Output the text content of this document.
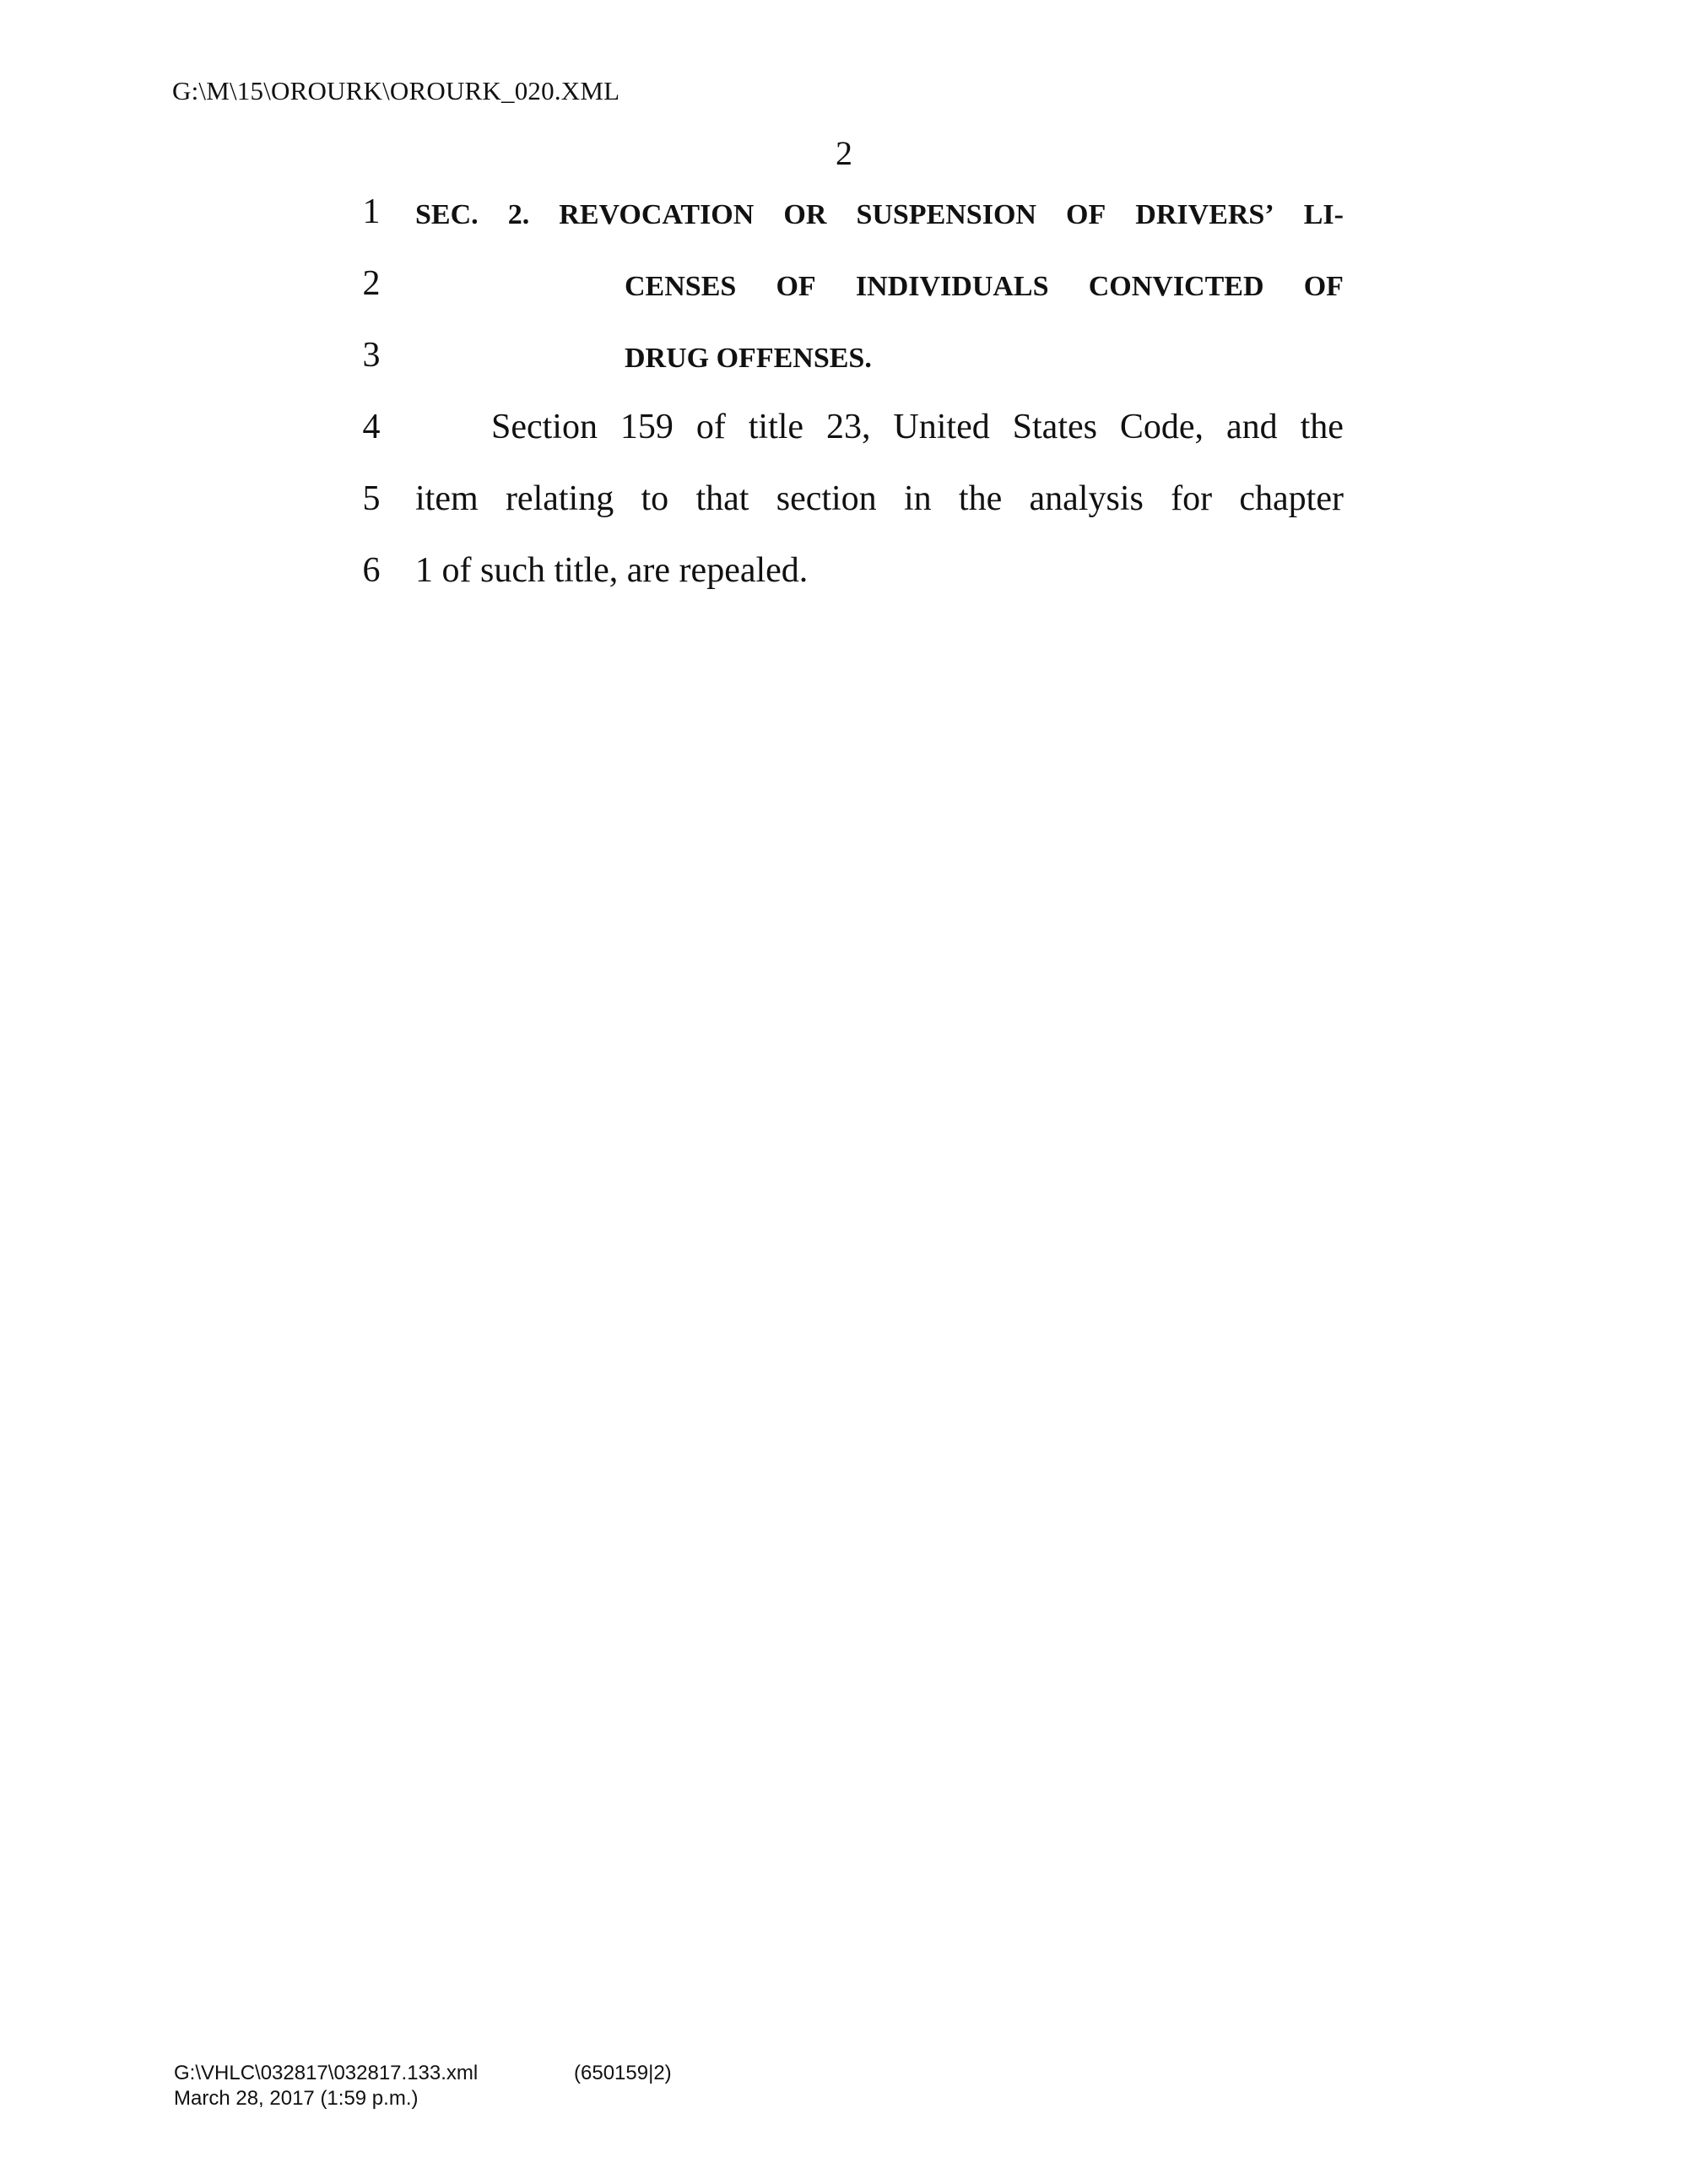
G:\M\15\OROURK\OROURK_020.XML
2
1
2
3
4
5
6
SEC. 2. REVOCATION OR SUSPENSION OF DRIVERS’ LI-
CENSES OF INDIVIDUALS CONVICTED OF
DRUG OFFENSES.
Section 159 of title 23, United States Code, and the
item relating to that section in the analysis for chapter
1 of such title, are repealed.
G:\VHLC\032817\032817.133.xml	(650159|2)
March 28, 2017 (1:59 p.m.)
